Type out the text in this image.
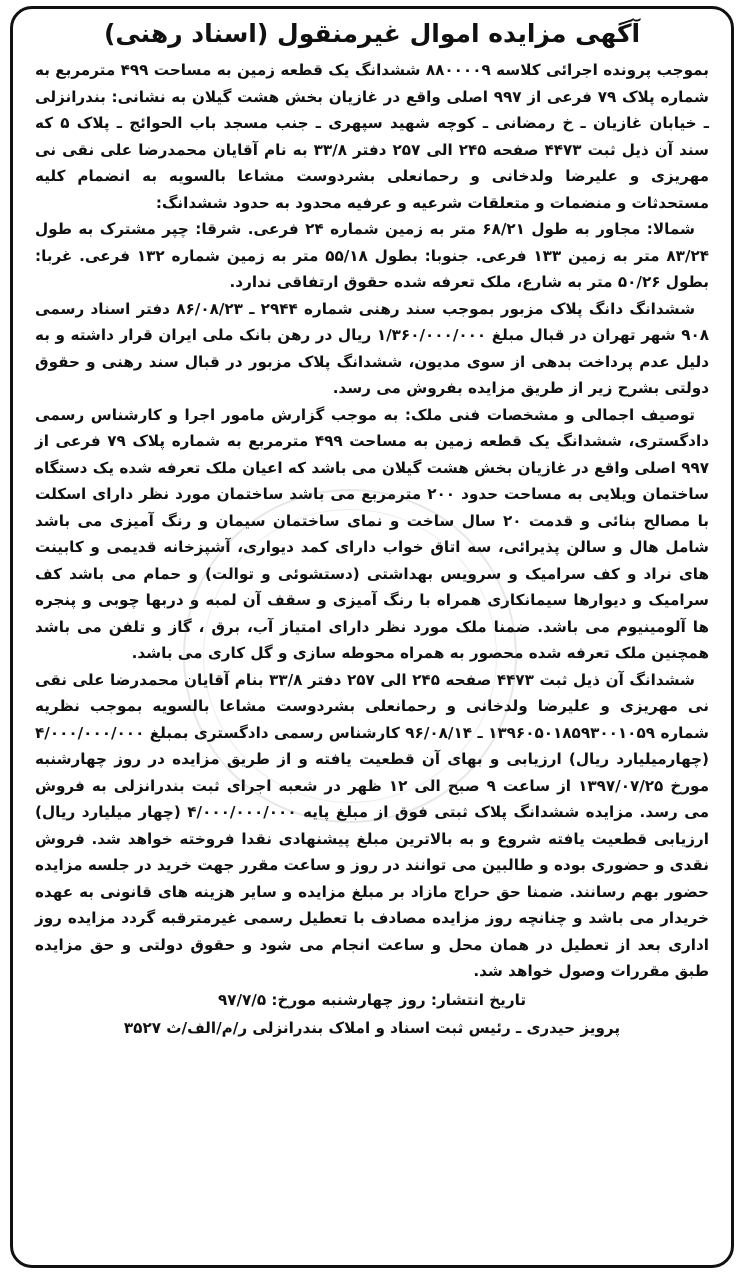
آگهی مزایده اموال غیرمنقول (اسناد رهنی)

بموجب پرونده اجرائی کلاسه ۸۸۰۰۰۰۹ ششدانگ یک قطعه زمین به مساحت ۴۹۹ مترمربع به شماره پلاک ۷۹ فرعی از ۹۹۷ اصلی واقع در غازیان بخش هشت گیلان به نشانی: بندرانزلی ـ خیابان غازیان ـ خ رمضانی ـ کوچه شهید سپهری ـ جنب مسجد باب الحوائج ـ پلاک ۵ که سند آن ذیل ثبت ۴۴۷۳ صفحه ۲۴۵ الی ۲۵۷ دفتر ۳۳/۸ به نام آقایان محمدرضا علی نقی نی مهریزی و علیرضا ولدخانی و رحمانعلی بشردوست مشاعا بالسویه به انضمام کلیه مستحدثات و منضمات و متعلقات شرعیه و عرفیه محدود به حدود ششدانگ:

شمالا: مجاور به طول ۶۸/۲۱ متر به زمین شماره ۲۴ فرعی. شرقا: چپر مشترک به طول ۸۳/۲۴ متر به زمین ۱۳۳ فرعی. جنوبا: بطول ۵۵/۱۸ متر به زمین شماره ۱۳۲ فرعی. غربا: بطول ۵۰/۲۶ متر به شارع، ملک تعرفه شده حقوق ارتفاقی ندارد.

ششدانگ دانگ پلاک مزبور بموجب سند رهنی شماره ۲۹۴۴ ـ ۸۶/۰۸/۲۳ دفتر اسناد رسمی ۹۰۸ شهر تهران در قبال مبلغ ۱/۳۶۰/۰۰۰/۰۰۰ ریال در رهن بانک ملی ایران قرار داشته و به دلیل عدم پرداخت بدهی از سوی مدیون، ششدانگ پلاک مزبور در قبال سند رهنی و حقوق دولتی بشرح زیر از طریق مزایده بفروش می رسد.

توصیف اجمالی و مشخصات فنی ملک: به موجب گزارش مامور اجرا و کارشناس رسمی دادگستری، ششدانگ یک قطعه زمین به مساحت ۴۹۹ مترمربع به شماره پلاک ۷۹ فرعی از ۹۹۷ اصلی واقع در غازیان بخش هشت گیلان می باشد که اعیان ملک تعرفه شده یک دستگاه ساختمان ویلایی به مساحت حدود ۲۰۰ مترمربع می باشد ساختمان مورد نظر دارای اسکلت با مصالح بنائی و قدمت ۲۰ سال ساخت و نمای ساختمان سیمان و رنگ آمیزی می باشد شامل هال و سالن پذیرائی، سه اتاق خواب دارای کمد دیواری، آشپزخانه قدیمی و کابینت های نراد و کف سرامیک و سرویس بهداشتی (دستشوئی و توالت) و حمام می باشد کف سرامیک و دیوارها سیمانکاری همراه با رنگ آمیزی و سقف آن لمبه و دربها چوبی و پنجره ها آلومینیوم می باشد. ضمنا ملک مورد نظر دارای امتیاز آب، برق ، گاز و تلفن می باشد همچنین ملک تعرفه شده محصور به همراه محوطه سازی و گل کاری می باشد.

ششدانگ آن ذیل ثبت ۴۴۷۳ صفحه ۲۴۵ الی ۲۵۷ دفتر ۳۳/۸ بنام آقایان محمدرضا علی نقی نی مهریزی و علیرضا ولدخانی و رحمانعلی بشردوست مشاعا بالسویه بموجب نظریه شماره ۱۳۹۶۰۵۰۱۸۵۹۳۰۰۱۰۵۹ ـ ۹۶/۰۸/۱۴ کارشناس رسمی دادگستری بمبلغ ۴/۰۰۰/۰۰۰/۰۰۰ (چهارمیلیارد ریال) ارزیابی و بهای آن قطعیت یافته و از طریق مزایده در روز چهارشنبه مورخ ۱۳۹۷/۰۷/۲۵ از ساعت ۹ صبح الی ۱۲ ظهر در شعبه اجرای ثبت بندرانزلی به فروش می رسد. مزایده ششدانگ پلاک ثبتی فوق از مبلغ پایه ۴/۰۰۰/۰۰۰/۰۰۰ (چهار میلیارد ریال) ارزیابی قطعیت یافته شروع و به بالاترین مبلغ پیشنهادی نقدا فروخته خواهد شد. فروش نقدی و حضوری بوده و طالبین می توانند در روز و ساعت مقرر جهت خرید در جلسه مزایده حضور بهم رسانند. ضمنا حق حراج مازاد بر مبلغ مزایده و سایر هزینه های قانونی به عهده خریدار می باشد و چنانچه روز مزایده مصادف با تعطیل رسمی غیرمترقبه گردد مزایده روز اداری بعد از تعطیل در همان محل و ساعت انجام می شود و حقوق دولتی و حق مزایده طبق مقررات وصول خواهد شد.

تاریخ انتشار: روز چهارشنبه مورخ: ۹۷/۷/۵

پرویز حیدری ـ رئیس ثبت اسناد و املاک بندرانزلی ر/م/الف/ث ۳۵۲۷
